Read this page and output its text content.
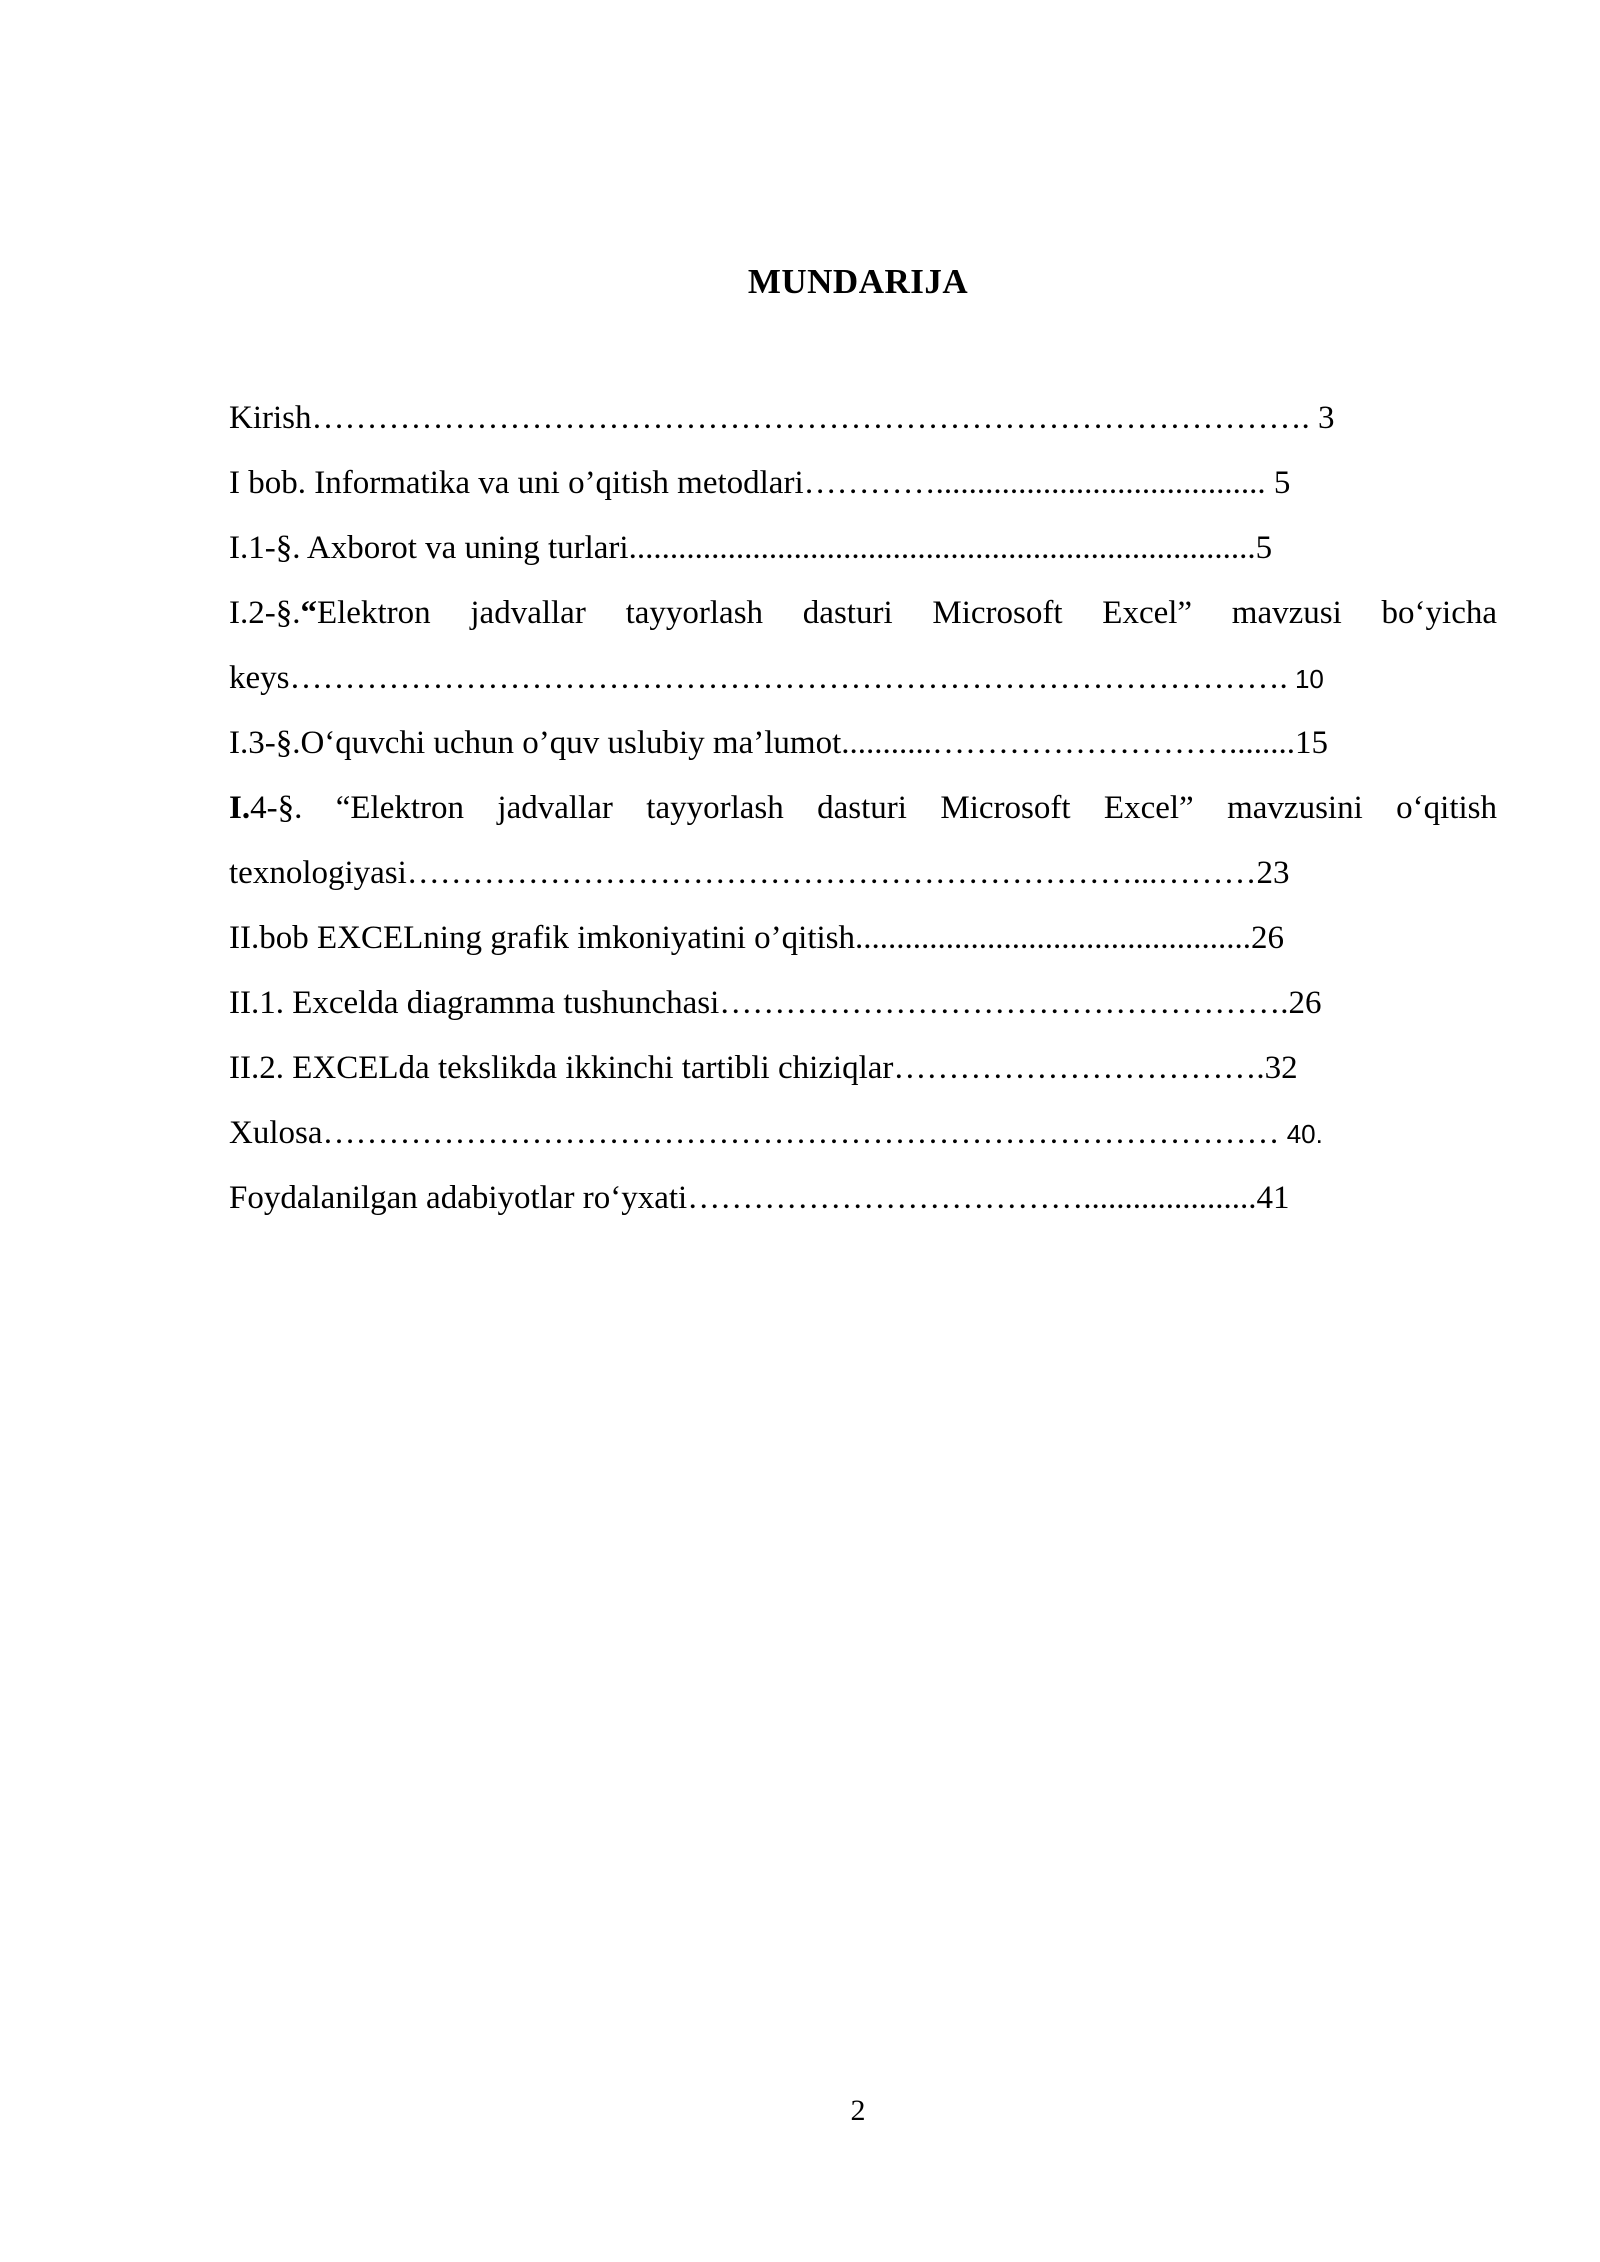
MUNDARIJA
Kirish………………………………………………………………………………. 3
I bob. Informatika va uni o’qitish metodlari…………........................................ 5
I.1-§. Axborot va uning turlari............................................................................5
I.2-§.“Elektron jadvallar tayyorlash dasturi Microsoft Excel” mavzusi bo‘yicha
keys………………………………………………………………………………. 10
I.3-§.O‘quvchi uchun o’quv uslubiy ma’lumot...........………………………........15
I.4-§. “Elektron jadvallar tayyorlash dasturi Microsoft Excel” mavzusini o‘qitish
texnologiyasi…………………………………………………………...………23
II.bob EXCELning grafik imkoniyatini o’qitish................................................26
II.1. Excelda diagramma tushunchasi…………………………………………….26
II.2. EXCELda tekslikda ikkinchi tartibli chiziqlar…………………………….32
Xulosa…………………………………………………………………………… 40.
Foydalanilgan adabiyotlar ro‘yxati……………………………….....................41
2
